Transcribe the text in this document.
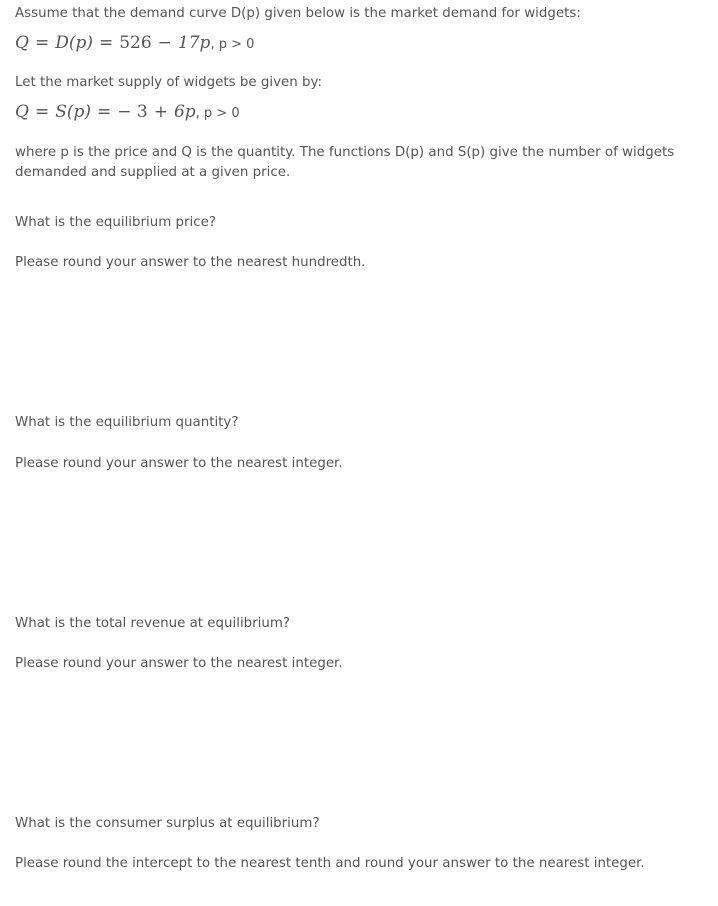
Assume that the demand curve D(p) given below is the market demand for widgets:
Q = D(p) = 526 − 17p, p > 0
Let the market supply of widgets be given by:
Q = S(p) = − 3 + 6p, p > 0
where p is the price and Q is the quantity. The functions D(p) and S(p) give the number of widgets demanded and supplied at a given price.
What is the equilibrium price?
Please round your answer to the nearest hundredth.
What is the equilibrium quantity?
Please round your answer to the nearest integer.
What is the total revenue at equilibrium?
Please round your answer to the nearest integer.
What is the consumer surplus at equilibrium?
Please round the intercept to the nearest tenth and round your answer to the nearest integer.
